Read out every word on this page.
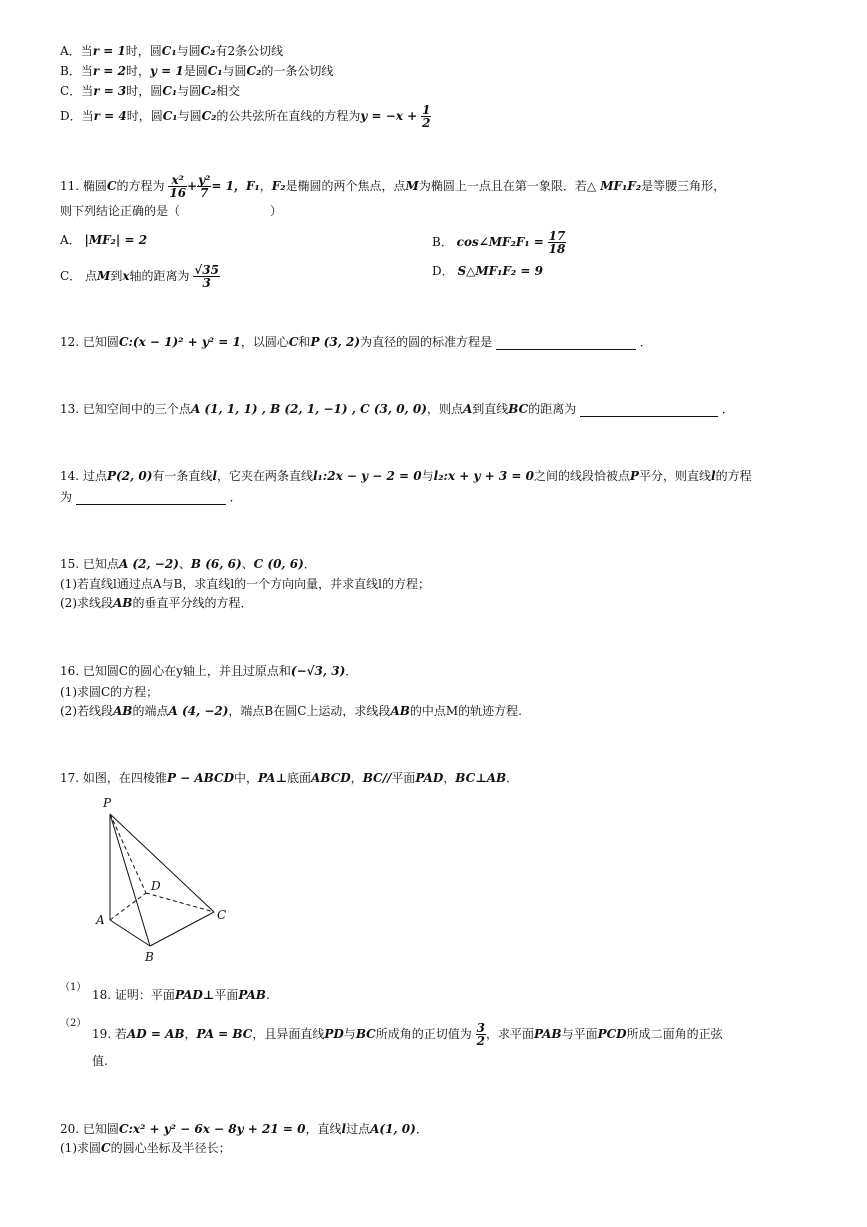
A．当r = 1时，圆C₁与圆C₂有2条公切线
B．当r = 2时，y = 1是圆C₁与圆C₂的一条公切线
C．当r = 3时，圆C₁与圆C₂相交
D．当r = 4时，圆C₁与圆C₂的公共弦所在直线的方程为$y = -x + \frac{1}{2}$
11. 椭圆C的方程为 $\frac{\text{x²}}{16} + \frac{\text{y²}}{7} = 1$，F₁，F₂是椭圆的两个焦点，点M为椭圆上一点且在第一象限．若△ MF₁F₂是等腰三角形，
则下列结论正确的是（	）
A． |MF₂| = 2	B． cos∠MF₂F₁ = $\frac{17}{18}$
C． 点M到x轴的距离为 $\frac{√35}{3}$	D． S△MF₁F₂ = 9
12. 已知圆C:(x − 1)² + y² = 1，以圆心C和P (3, 2)为直径的圆的标准方程是	．
13. 已知空间中的三个点A (1, 1, 1) , B (2, 1, −1) , C (3, 0, 0)，则点A到直线BC的距离为	．
14. 过点P(2, 0)有一条直线l，它夹在两条直线l₁:2x − y − 2 = 0与l₂:x + y + 3 = 0之间的线段恰被点P平分，则直线l的方程
为	．
15. 已知点A (2, −2)、B (6, 6)、C (0, 6)．
(1)若直线l通过点A与B，求直线l的一个方向向量，并求直线l的方程；
(2)求线段AB的垂直平分线的方程．
16. 已知圆C的圆心在y轴上，并且过原点和(−√3, 3)．
(1)求圆C的方程；
(2)若线段AB的端点A (4, −2)，端点B在圆C上运动，求线段AB的中点M的轨迹方程.
17. 如图，在四棱锥P − ABCD中，PA⊥底面ABCD，BC//平面PAD，BC⊥AB．
P
A
B
C
D
（1）
18. 证明：平面PAD⊥平面PAB.
（2）
19. 若AD = AB，PA = BC，且异面直线PD与BC所成角的正切值为 $\frac{3}{2}$ ，求平面PAB与平面PCD所成二面角的正弦
值.
20. 已知圆C:x² + y² − 6x − 8y + 21 = 0，直线l过点A(1, 0)．
(1)求圆C的圆心坐标及半径长；
